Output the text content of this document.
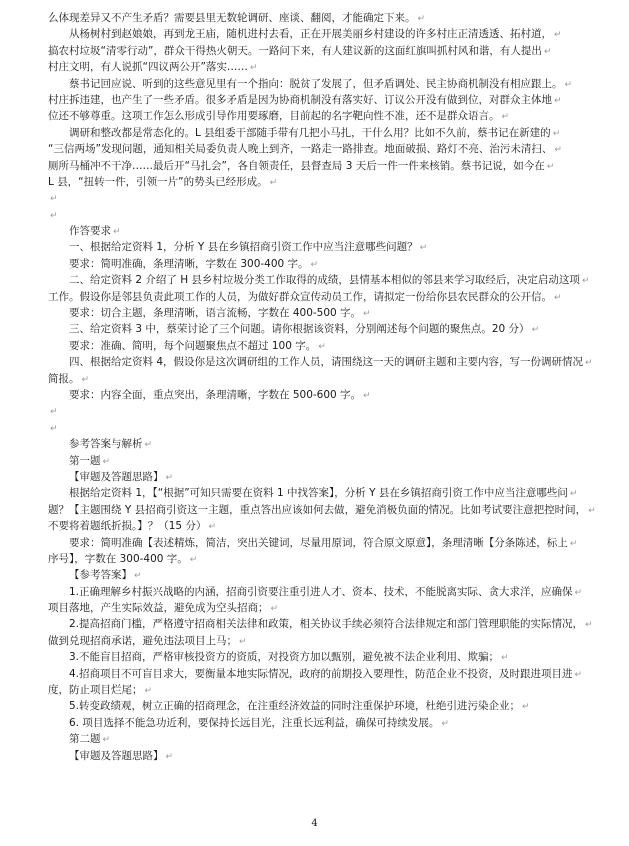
么体现差异又不产生矛盾？需要县里无数轮调研、座谈、翻阅，才能确定下来。 ↵
从杨树村到赵娘娘，再到龙王庙，随机进村去看，正在开展美丽乡村建设的许多村庄正清透透、拓村道， ↵
搞农村垃圾“清零行动”，群众干得热火朝天。一路问下来，有人建议新的这面红旗叫抓村风和谐，有人提出 ↵
村庄文明，有人说抓“四议两公开”落实…… ↵
蔡书记回应说、听到的这些意见里有一个指向：脱贫了发展了，但矛盾调处、民主协商机制没有相应跟上。 ↵
村庄拆违建，也产生了一些矛盾。很多矛盾是因为协商机制没有落实好、订议公开没有做到位，对群众主体地 ↵
位还不够尊重。这项工作怎么形成引导作用要琢磨，目前起的名字靶向性不准，还不是群众语言。 ↵
调研和整改都是常态化的。L 县组委干部随手带有几把小马扎，干什么用？比如不久前，蔡书记在新建的 ↵
“三信两场”发现问题，通知相关局委负责人晚上到齐，一路走一路排查。地面破损、路灯不亮、治污未清扫、 ↵
厕所马桶冲不干净……最后开“马扎会”，各自领责任，县督查局 3 天后一件一件来核销。蔡书记说，如今在 ↵
L 县，“扭转一件，引领一片”的势头已经形成。 ↵
↵
↵
作答要求 ↵
一、根据给定资料 1，分析 Y 县在乡镇招商引资工作中应当注意哪些问题？ ↵
要求：简明准确，条理清晰，字数在 300-400 字。 ↵
二、给定资料 2 介绍了 H 县乡村垃圾分类工作取得的成绩，县情基本相似的邻县来学习取经后，决定启动这项 ↵
工作。假设你是邻县负责此项工作的人员，为做好群众宣传动员工作，请拟定一份给你县农民群众的公开信。 ↵
要求：切合主题，条理清晰，语言流畅，字数在 400-500 字。 ↵
三、给定资料 3 中，蔡荣讨论了三个问题。请你根据该资料，分别阐述每个问题的聚焦点。20 分） ↵
要求：准确、简明，每个问题聚焦点不超过 100 字。 ↵
四、根据给定资料 4，假设你是这次调研组的工作人员，请围绕这一天的调研主题和主要内容，写一份调研情况 ↵
简报。 ↵
要求：内容全面，重点突出，条理清晰，字数在 500-600 字。 ↵
↵
↵
参考答案与解析 ↵
第一题 ↵
【审题及答题思路】 ↵
根据给定资料 1，【“根据”可知只需要在资料 1 中找答案】，分析 Y 县在乡镇招商引资工作中应当注意哪些问 ↵
题？【主题围绕 Y 县招商引资这一主题，重点答出应该如何去做，避免消极负面的情况。比如考试要注意把控时间， ↵
不要将着题纸折损。】？（15 分） ↵
要求：简明准确【表述精炼，简洁，突出关键词，尽量用原词，符合原文原意】，条理清晰【分条陈述，标上 ↵
序号】，字数在 300-400 字。 ↵
【参考答案】 ↵
1.正确理解乡村振兴战略的内涵，招商引资要注重引进人才、资本、技术，不能脱离实际、贪大求洋，应确保 ↵
项目落地，产生实际效益，避免成为空头招商； ↵
2.提高招商门槛，严格遵守招商相关法律和政策，相关协议手续必须符合法律规定和部门管理职能的实际情况， ↵
做到兑现招商承诺，避免违法项目上马； ↵
3.不能盲目招商，严格审核投资方的资质，对投资方加以甄别，避免被不法企业利用、欺骗； ↵
4.招商项目不可盲目求大，要衡量本地实际情况，政府的前期投入要理性，防范企业不投资，及时跟进项目进 ↵
度，防止项目烂尾； ↵
5.转变政绩观，树立正确的招商理念，在注重经济效益的同时注重保护环境，杜绝引进污染企业； ↵
6. 项目选择不能急功近利，要保持长远目光，注重长远利益，确保可持续发展。 ↵
第二题 ↵
【审题及答题思路】 ↵
4
